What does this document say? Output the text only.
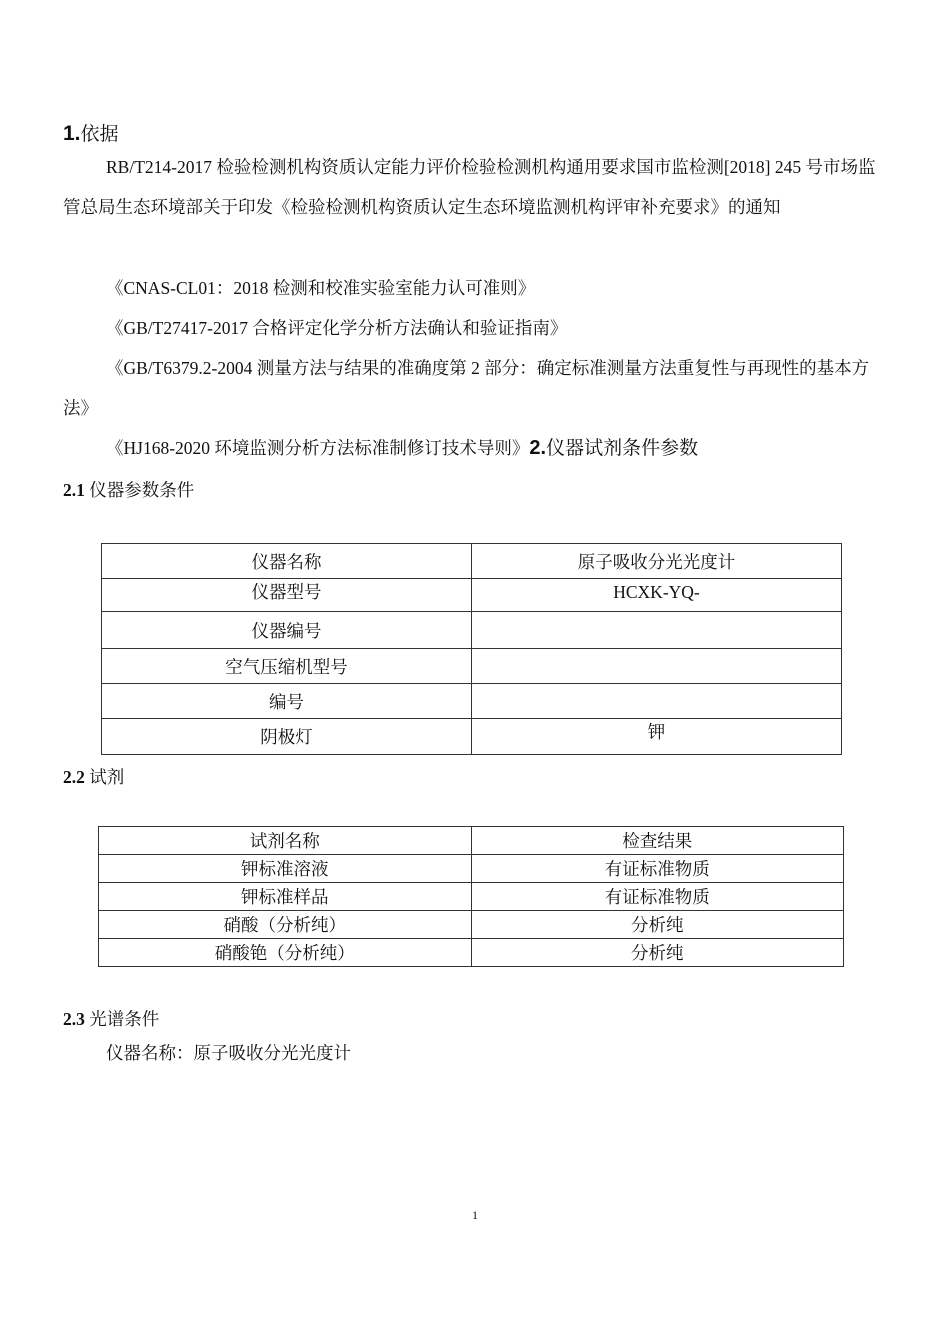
1.依据
RB/T214-2017 检验检测机构资质认定能力评价检验检测机构通用要求国市监检测[2018] 245 号市场监管总局生态环境部关于印发《检验检测机构资质认定生态环境监测机构评审补充要求》的通知
《CNAS-CL01：2018 检测和校准实验室能力认可准则》
《GB/T27417-2017 合格评定化学分析方法确认和验证指南》
《GB/T6379.2-2004 测量方法与结果的准确度第 2 部分：确定标准测量方法重复性与再现性的基本方法》
《HJ168-2020 环境监测分析方法标准制修订技术导则》2.仪器试剂条件参数
2.1 仪器参数条件
仪器名称	原子吸收分光光度计
仪器型号	HCXK-YQ-
仪器编号	
空气压缩机型号	
编号	
阴极灯	钾
2.2 试剂
试剂名称	检查结果
钾标准溶液	有证标准物质
钾标准样品	有证标准物质
硝酸（分析纯）	分析纯
硝酸铯（分析纯）	分析纯
2.3 光谱条件
仪器名称：原子吸收分光光度计
1
